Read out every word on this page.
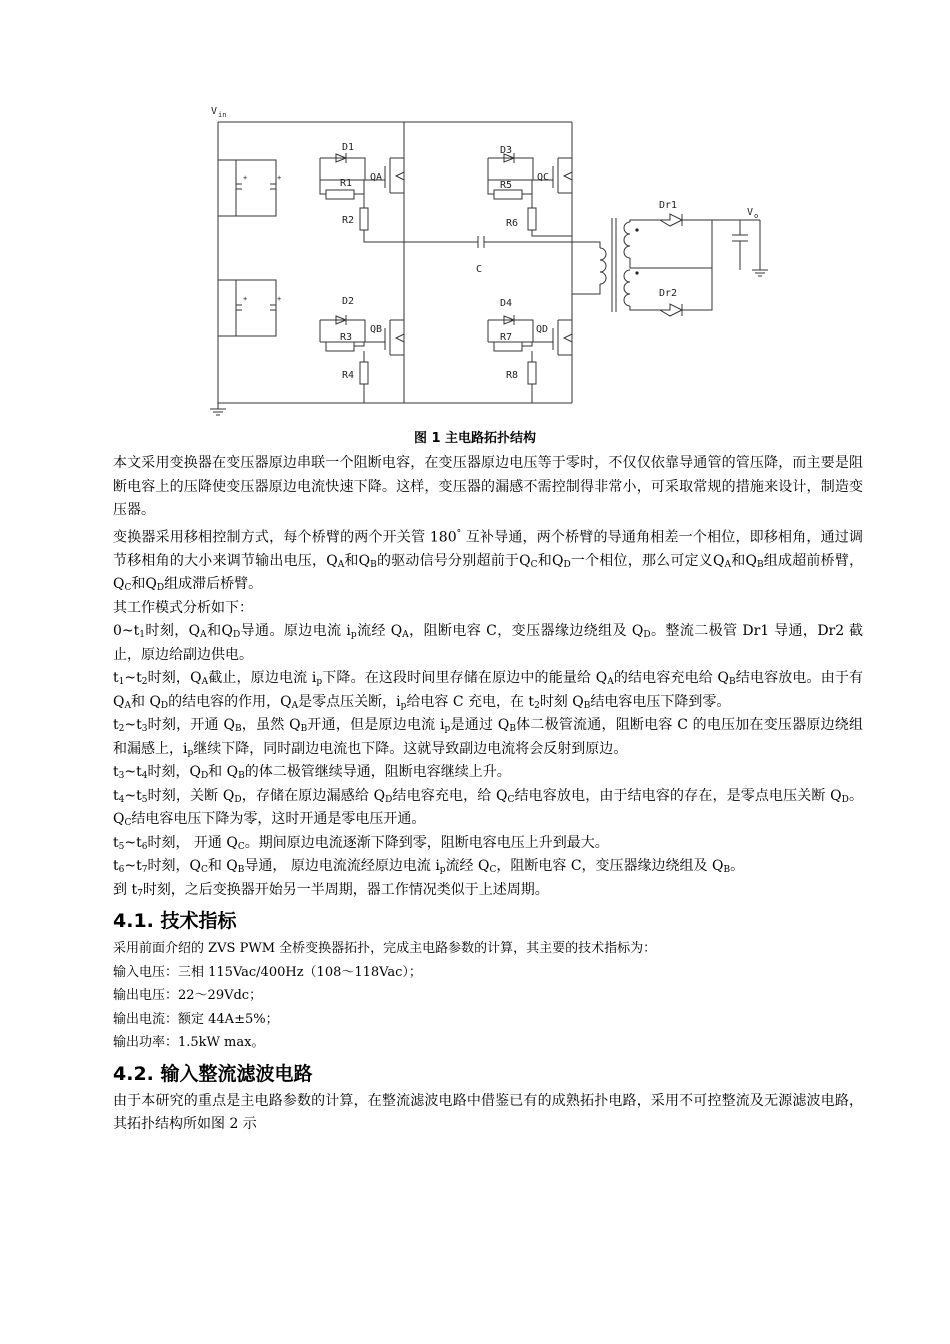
V in
+	+
+	+
D1
R1
QA
R2
D2
R3
QB
R4
C
D3
R5
QC
R6
D4
R7
QD
R8
Dr1
Dr2
V o
图 1 主电路拓扑结构

本文采用变换器在变压器原边串联一个阻断电容，在变压器原边电压等于零时，不仅仅依靠导通管的管压降，而主要是阻断电容上的压降使变压器原边电流快速下降。这样，变压器的漏感不需控制得非常小，可采取常规的措施来设计，制造变压器。

变换器采用移相控制方式，每个桥臂的两个开关管 180° 互补导通，两个桥臂的导通角相差一个相位，即移相角，通过调节移相角的大小来调节输出电压，$Q_A$和$Q_B$的驱动信号分别超前于$Q_C$和$Q_D$一个相位，那么可定义$Q_A$和$Q_B$组成超前桥臂，$Q_C$和$Q_D$组成滞后桥臂。

其工作模式分析如下：

$0\sim t_1$时刻，$Q_A$和$Q_D$导通。原边电流 $i_p$流经 $Q_A$，阻断电容 C，变压器缘边绕组及 $Q_D$。整流二极管 Dr1 导通，Dr2 截止，原边给副边供电。

$t_1\sim t_2$时刻，$Q_A$截止，原边电流 $i_p$下降。在这段时间里存储在原边中的能量给 $Q_A$的结电容充电给 $Q_B$结电容放电。由于有 $Q_A$和 $Q_D$的结电容的作用，$Q_A$是零点压关断，$i_p$给电容 C 充电，在 $t_2$时刻 $Q_B$结电容电压下降到零。

$t_2\sim t_3$时刻，开通 $Q_B$，虽然 $Q_B$开通，但是原边电流 $i_p$是通过 $Q_B$体二极管流通，阻断电容 C 的电压加在变压器原边绕组和漏感上，$i_p$继续下降，同时副边电流也下降。这就导致副边电流将会反射到原边。

$t_3\sim t_4$时刻，$Q_D$和 $Q_B$的体二极管继续导通，阻断电容继续上升。

$t_4\sim t_5$时刻，关断 $Q_D$，存储在原边漏感给 $Q_D$结电容充电，给 $Q_C$结电容放电，由于结电容的存在，是零点电压关断 $Q_D$。$Q_C$结电容电压下降为零，这时开通是零电压开通。

$t_5\sim t_6$时刻， 开通 $Q_C$。期间原边电流逐渐下降到零，阻断电容电压上升到最大。

$t_6\sim t_7$时刻，$Q_C$和 $Q_B$导通， 原边电流流经原边电流 $i_p$流经 $Q_C$，阻断电容 C，变压器缘边绕组及 $Q_B$。

到 $t_7$时刻，之后变换器开始另一半周期，器工作情况类似于上述周期。

4.1. 技术指标

采用前面介绍的 ZVS PWM 全桥变换器拓扑，完成主电路参数的计算，其主要的技术指标为：

输入电压：三相 115Vac/400Hz（108～118Vac）；

输出电压：22～29Vdc；

输出电流：额定 44A±5%；

输出功率：1.5kW max。

4.2. 输入整流滤波电路

由于本研究的重点是主电路参数的计算，在整流滤波电路中借鉴已有的成熟拓扑电路，采用不可控整流及无源滤波电路，其拓扑结构所如图 2 示
